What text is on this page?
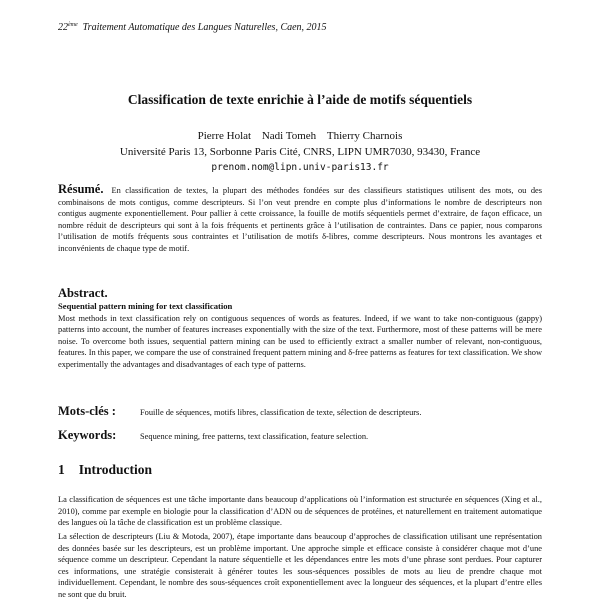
22ème Traitement Automatique des Langues Naturelles, Caen, 2015
Classification de texte enrichie à l’aide de motifs séquentiels
Pierre Holat Nadi Tomeh Thierry Charnois
Université Paris 13, Sorbonne Paris Cité, CNRS, LIPN UMR7030, 93430, France
prenom.nom@lipn.univ-paris13.fr
Résumé. En classification de textes, la plupart des méthodes fondées sur des classifieurs statistiques utilisent des mots, ou des combinaisons de mots contigus, comme descripteurs. Si l’on veut prendre en compte plus d’informations le nombre de descripteurs non contigus augmente exponentiellement. Pour pallier à cette croissance, la fouille de motifs séquentiels permet d’extraire, de façon efficace, un nombre réduit de descripteurs qui sont à la fois fréquents et pertinents grâce à l’utilisation de contraintes. Dans ce papier, nous comparons l’utilisation de motifs fréquents sous contraintes et l’utilisation de motifs δ-libres, comme descripteurs. Nous montrons les avantages et inconvénients de chaque type de motif.
Abstract.
Sequential pattern mining for text classification
Most methods in text classification rely on contiguous sequences of words as features. Indeed, if we want to take non-contiguous (gappy) patterns into account, the number of features increases exponentially with the size of the text. Furthermore, most of these patterns will be mere noise. To overcome both issues, sequential pattern mining can be used to efficiently extract a smaller number of relevant, non-contiguous, features. In this paper, we compare the use of constrained frequent pattern mining and δ-free patterns as features for text classification. We show experimentally the advantages and disadvantages of each type of patterns.
Mots-clés :	Fouille de séquences, motifs libres, classification de texte, sélection de descripteurs.
Keywords:	Sequence mining, free patterns, text classification, feature selection.
1 Introduction
La classification de séquences est une tâche importante dans beaucoup d’applications où l’information est structurée en séquences (Xing et al., 2010), comme par exemple en biologie pour la classification d’ADN ou de séquences de protéines, et naturellement en traitement automatique des langues où la tâche de classification est un problème classique.
La sélection de descripteurs (Liu & Motoda, 2007), étape importante dans beaucoup d’approches de classification utilisant une représentation des données basée sur les descripteurs, est un problème important. Une approche simple et efficace consiste à considérer chaque mot d’une séquence comme un descripteur. Cependant la nature séquentielle et les dépendances entre les mots d’une phrase sont perdues. Pour capturer ces informations, une stratégie consisterait à générer toutes les sous-séquences possibles de mots au lieu de prendre chaque mot individuellement. Cependant, le nombre des sous-séquences croît exponentiellement avec la longueur des séquences, et la plupart d’entre elles ne sont que du bruit.
